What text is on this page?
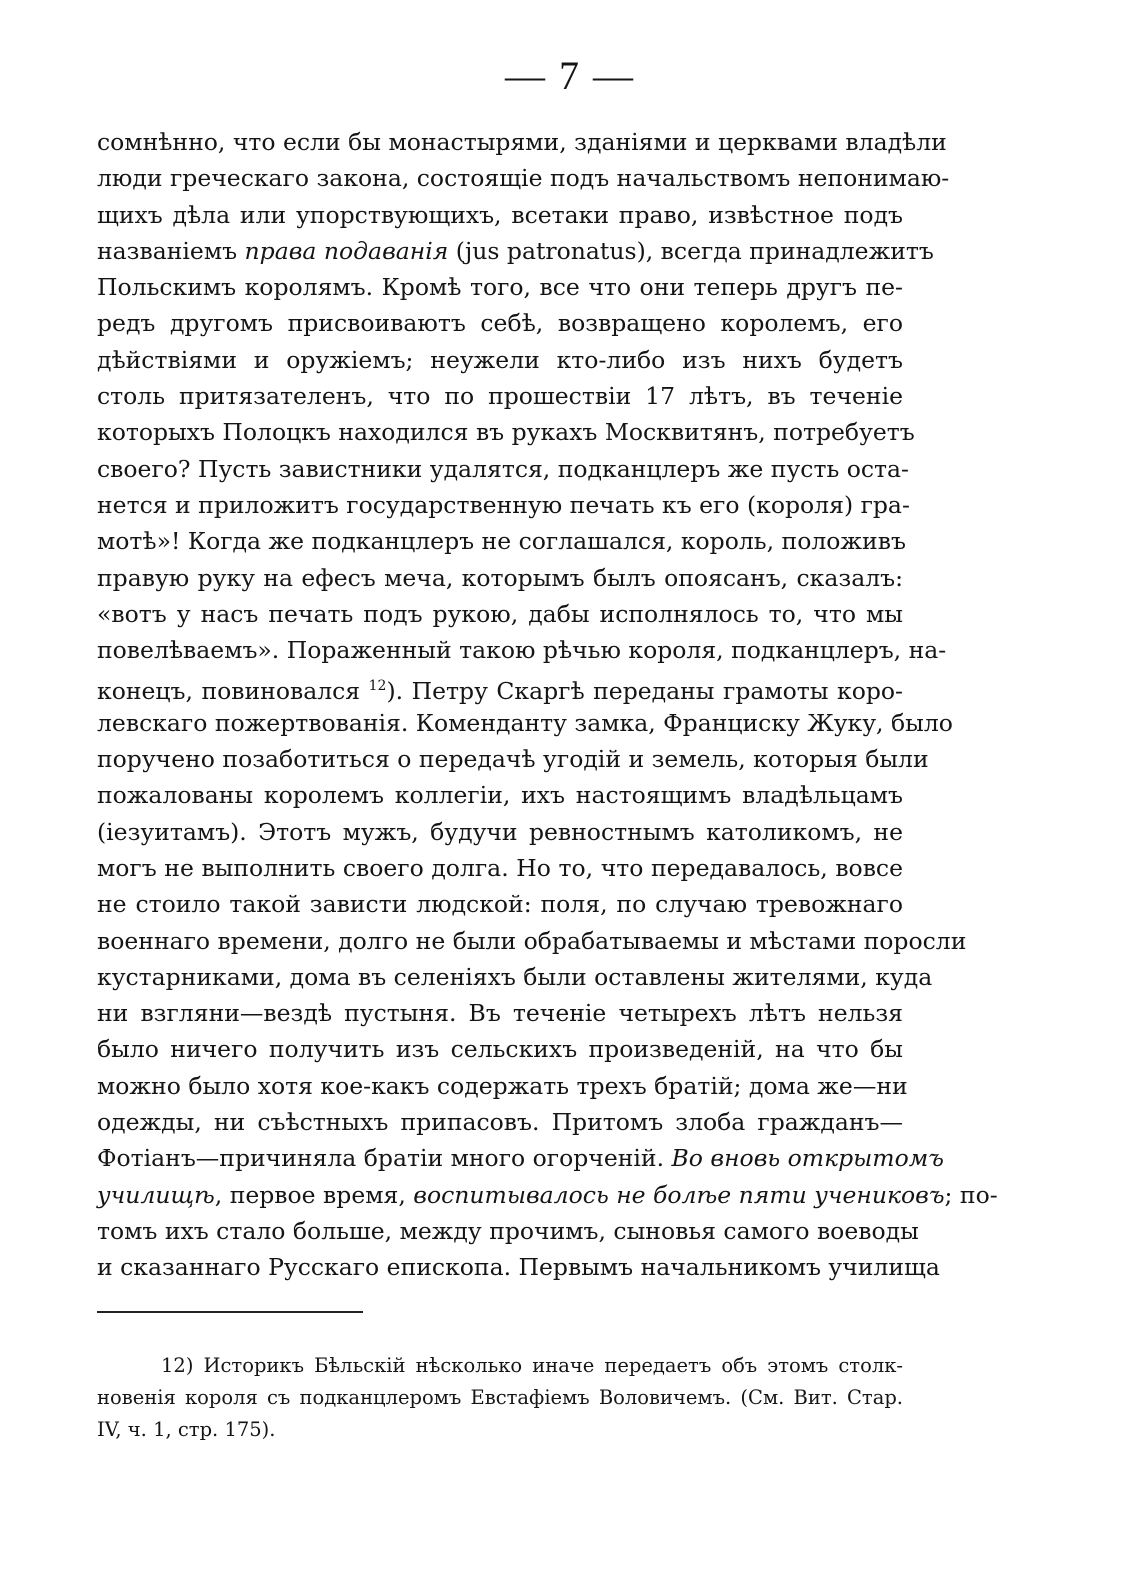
— 7 —
сомнѣнно, что если бы монастырями, зданіями и церквами владѣли
люди греческаго закона, состоящіе подъ начальствомъ непонимаю-
щихъ дѣла или упорствующихъ, всетаки право, извѣстное подъ
названіемъ права подаванія (jus patronatus), всегда принадлежитъ
Польскимъ королямъ. Кромѣ того, все что они теперь другъ пе-
редъ другомъ присвоиваютъ себѣ, возвращено королемъ, его
дѣйствіями и оружіемъ; неужели кто-либо изъ нихъ будетъ
столь притязателенъ, что по прошествіи 17 лѣтъ, въ теченіе
которыхъ Полоцкъ находился въ рукахъ Москвитянъ, потребуетъ
своего? Пусть завистники удалятся, подканцлеръ же пусть оста-
нется и приложитъ государственную печать къ его (короля) гра-
мотѣ»! Когда же подканцлеръ не соглашался, король, положивъ
правую руку на ефесъ меча, которымъ былъ опоясанъ, сказалъ:
«вотъ у насъ печать подъ рукою, дабы исполнялось то, что мы
повелѣваемъ». Пораженный такою рѣчью короля, подканцлеръ, на-
конецъ, повиновался $^{12}$). Петру Скаргѣ переданы грамоты коро-
левскаго пожертвованія. Комендaнту замка, Франциску Жуку, было
поручено позаботиться о передачѣ угодій и земель, которыя были
пожалованы королемъ коллегіи, ихъ настоящимъ владѣльцамъ
(іезуитамъ). Этотъ мужъ, будучи ревностнымъ католикомъ, не
могъ не выполнить своего долга. Но то, что передавалось, вовсе
не стоило такой зависти людской: поля, по случаю тревожнаго
военнаго времени, долго не были обрабатываемы и мѣстами поросли
кустарниками, дома въ селеніяхъ были оставлены жителями, куда
ни взгляни—вездѣ пустыня. Въ теченіе четырехъ лѣтъ нельзя
было ничего получить изъ сельскихъ произведеній, на что бы
можно было хотя кое-какъ содержать трехъ братій; дома же—ни
одежды, ни съѣстныхъ припасовъ. Притомъ злоба гражданъ—
Фотіанъ—причиняла братіи много огорченій. Во вновь открытомъ
училищѣ, первое время, воспитывалось не болѣе пяти учениковъ; по-
томъ ихъ стало больше, между прочимъ, сыновья самого воеводы
и сказаннаго Русскаго епископа. Первымъ начальникомъ училища
12) Историкъ Бѣльскій нѣсколько иначе передаетъ объ этомъ столк-
новенія короля съ подканцлеромъ Евстафіемъ Воловичемъ. (См. Вит. Стар.
IV, ч. 1, стр. 175).
